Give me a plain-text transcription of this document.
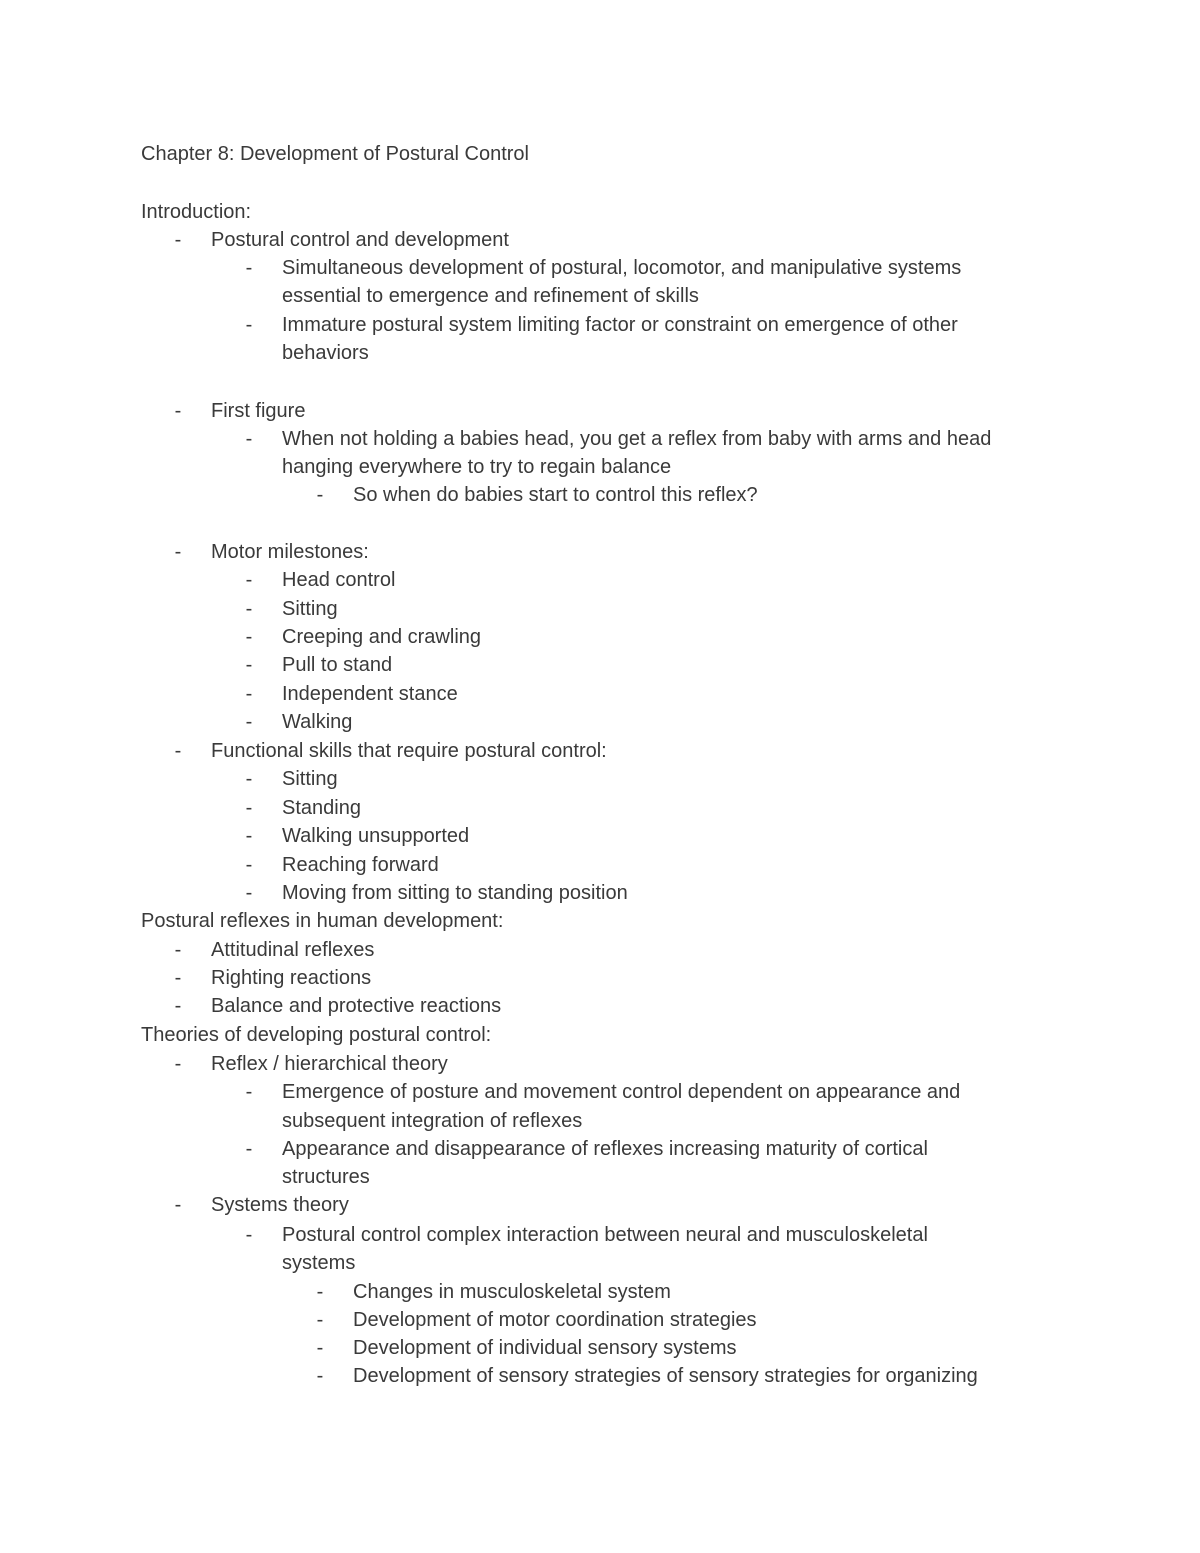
Chapter 8: Development of Postural Control
Introduction:
-	Postural control and development
-	Simultaneous development of postural, locomotor, and manipulative systems
essential to emergence and refinement of skills
-	Immature postural system limiting factor or constraint on emergence of other
behaviors
-	First figure
-	When not holding a babies head, you get a reflex from baby with arms and head
hanging everywhere to try to regain balance
-	So when do babies start to control this reflex?
-	Motor milestones:
-	Head control
-	Sitting
-	Creeping and crawling
-	Pull to stand
-	Independent stance
-	Walking
-	Functional skills that require postural control:
-	Sitting
-	Standing
-	Walking unsupported
-	Reaching forward
-	Moving from sitting to standing position
Postural reflexes in human development:
-	Attitudinal reflexes
-	Righting reactions
-	Balance and protective reactions
Theories of developing postural control:
-	Reflex / hierarchical theory
-	Emergence of posture and movement control dependent on appearance and
subsequent integration of reflexes
-	Appearance and disappearance of reflexes increasing maturity of cortical
structures
-	Systems theory
-	Postural control complex interaction between neural and musculoskeletal
systems
-	Changes in musculoskeletal system
-	Development of motor coordination strategies
-	Development of individual sensory systems
-	Development of sensory strategies of sensory strategies for organizing
